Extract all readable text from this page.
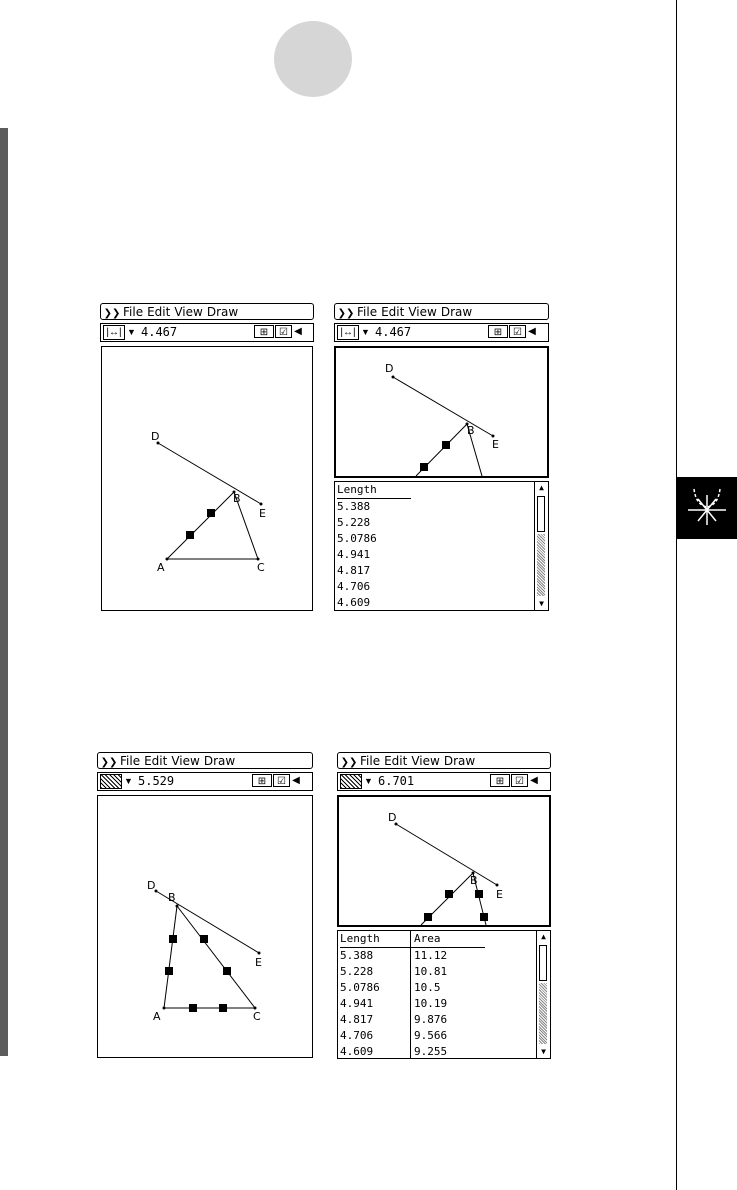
❯❯ File Edit View Draw
|↔| ▼ 4.467	⊞ ☑ ◀
D
E
A	C
B
❯❯ File Edit View Draw
|↔| ▼ 4.467	⊞ ☑ ◀
D
E
B
Length
5.388
5.228
5.0786
4.941
4.817
4.706
4.609
▲
▼
❯❯ File Edit View Draw
▼ 5.529	⊞ ☑ ◀
D
B
E
A	C
❯❯ File Edit View Draw
▼ 6.701	⊞ ☑ ◀
D
B
E
Length	Area
5.388	11.12
5.228	10.81
5.0786	10.5
4.941	10.19
4.817	9.876
4.706	9.566
4.609	9.255
▲
▼
